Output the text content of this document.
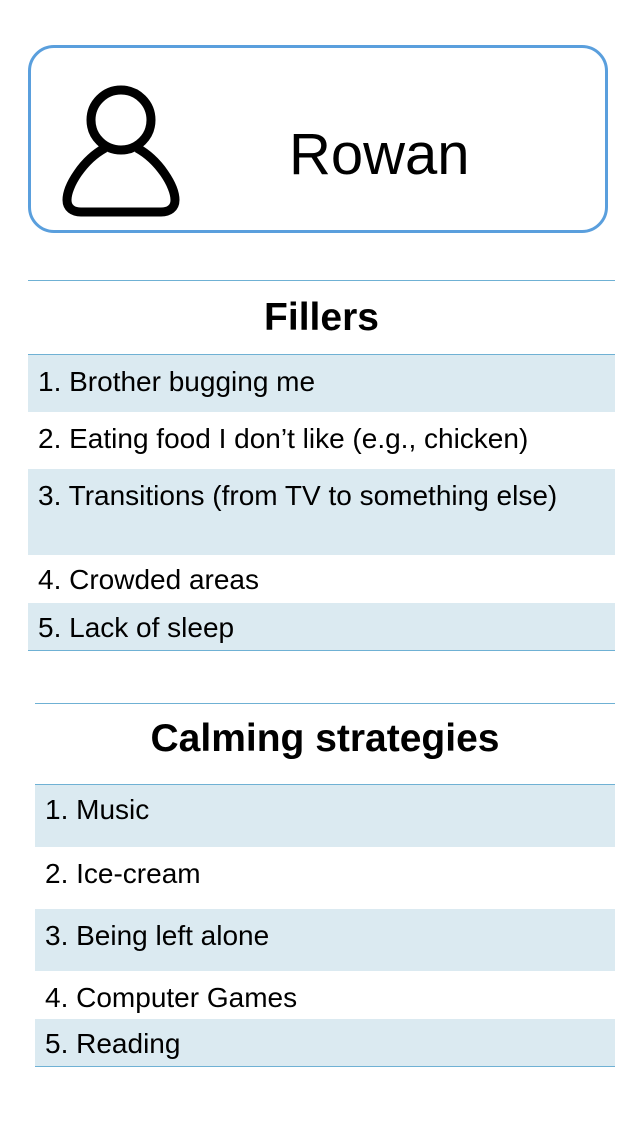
Rowan
Fillers
1. Brother bugging me
2. Eating food I don’t like (e.g., chicken)
3. Transitions (from TV to something else)
4. Crowded areas
5. Lack of sleep
Calming strategies
1. Music
2. Ice-cream
3. Being left alone
4. Computer Games
5. Reading
